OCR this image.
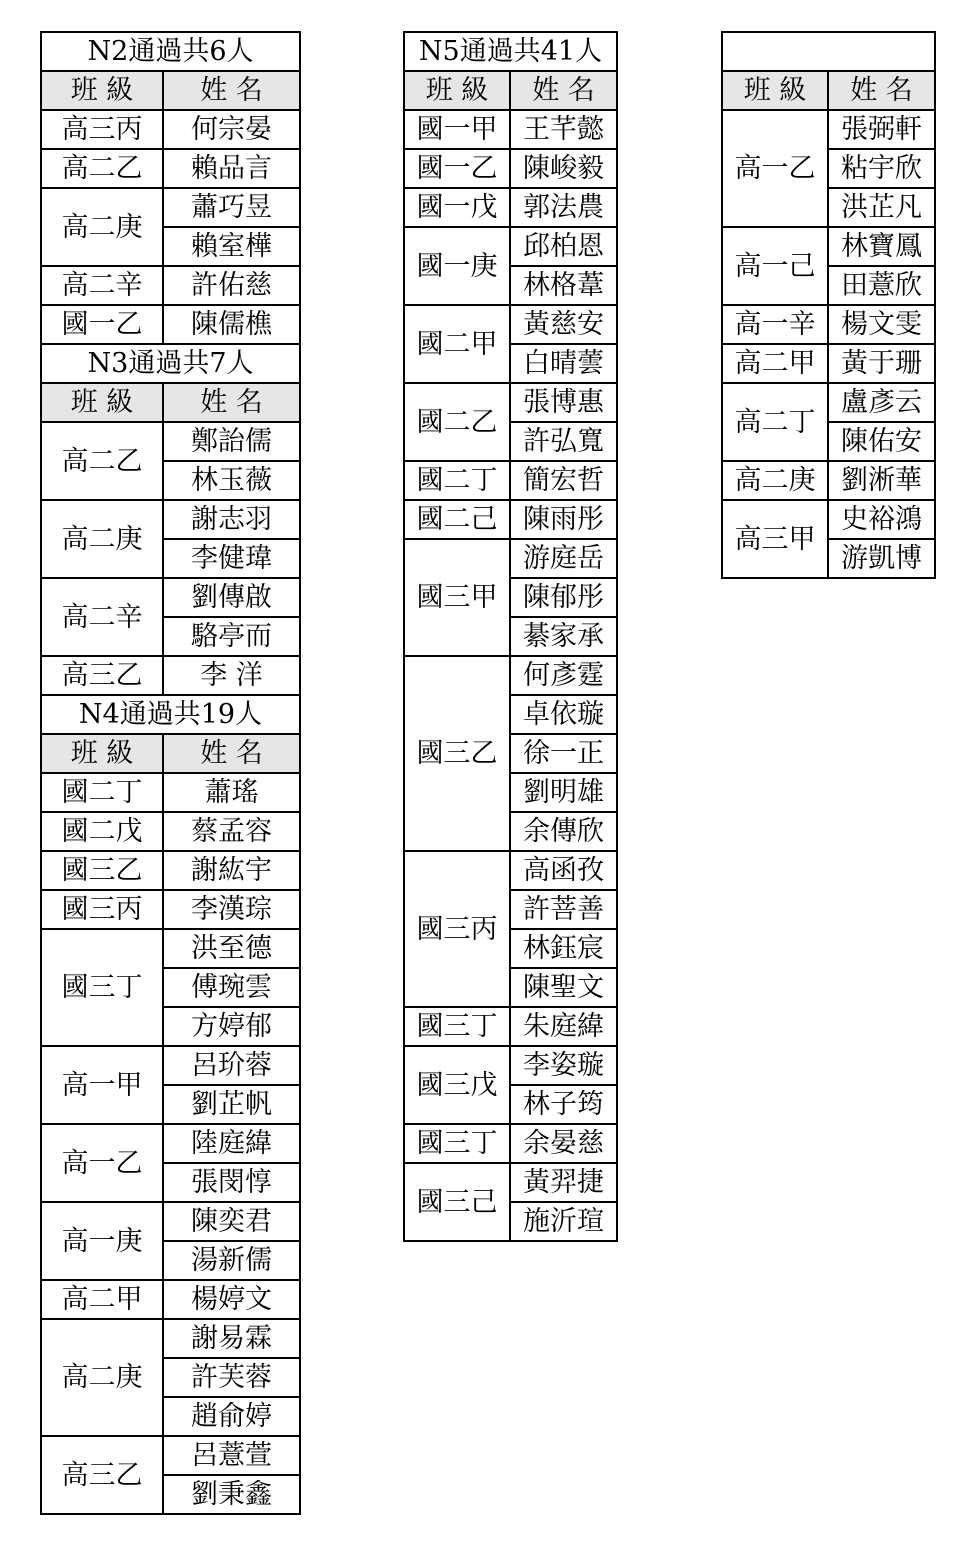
N2通過共6人	
班 級	姓 名
高三丙	何宗晏
高二乙	賴品言
高二庚	蕭巧昱
	賴室樺
高二辛	許佑慈
國一乙	陳儒樵
N3通過共7人	
班 級	姓 名
高二乙	鄭詒儒
	林玉薇
高二庚	謝志羽
	李健瑋
高二辛	劉傳啟
	駱亭而
高三乙	李 洋
N4通過共19人	
班 級	姓 名
國二丁	蕭瑤
國二戊	蔡孟容
國三乙	謝紘宇
國三丙	李漢琮
國三丁	洪至德
	傅琬雲
	方婷郁
高一甲	呂玠蓉
	劉芷帆
高一乙	陸庭緯
	張閔惇
高一庚	陳奕君
	湯新儒
高二甲	楊婷文
高二庚	謝易霖
	許芙蓉
	趙俞婷
高三乙	呂薏萱
	劉秉鑫
N5通過共41人	
班 級	姓 名
國一甲	王芊懿
國一乙	陳峻毅
國一戊	郭法農
國一庚	邱柏恩
	林格葦
國二甲	黃慈安
	白晴蕓
國二乙	張博惠
	許弘寬
國二丁	簡宏哲
國二己	陳雨彤
國三甲	游庭岳
	陳郁彤
	綦家承
國三乙	何彥霆
	卓依璇
	徐一正
	劉明雄
	余傳欣
國三丙	高函孜
	許菩善
	林鈺宸
	陳聖文
國三丁	朱庭緯
國三戊	李姿璇
	林子筠
國三丁	余晏慈
國三己	黃羿捷
	施沂瑄

班 級	姓 名
高一乙	張弼軒
	粘宇欣
	洪芷凡
高一己	林寶鳳
	田薏欣
高一辛	楊文雯
高二甲	黃于珊
高二丁	盧彥云
	陳佑安
高二庚	劉淅華
高三甲	史裕鴻
	游凱博
